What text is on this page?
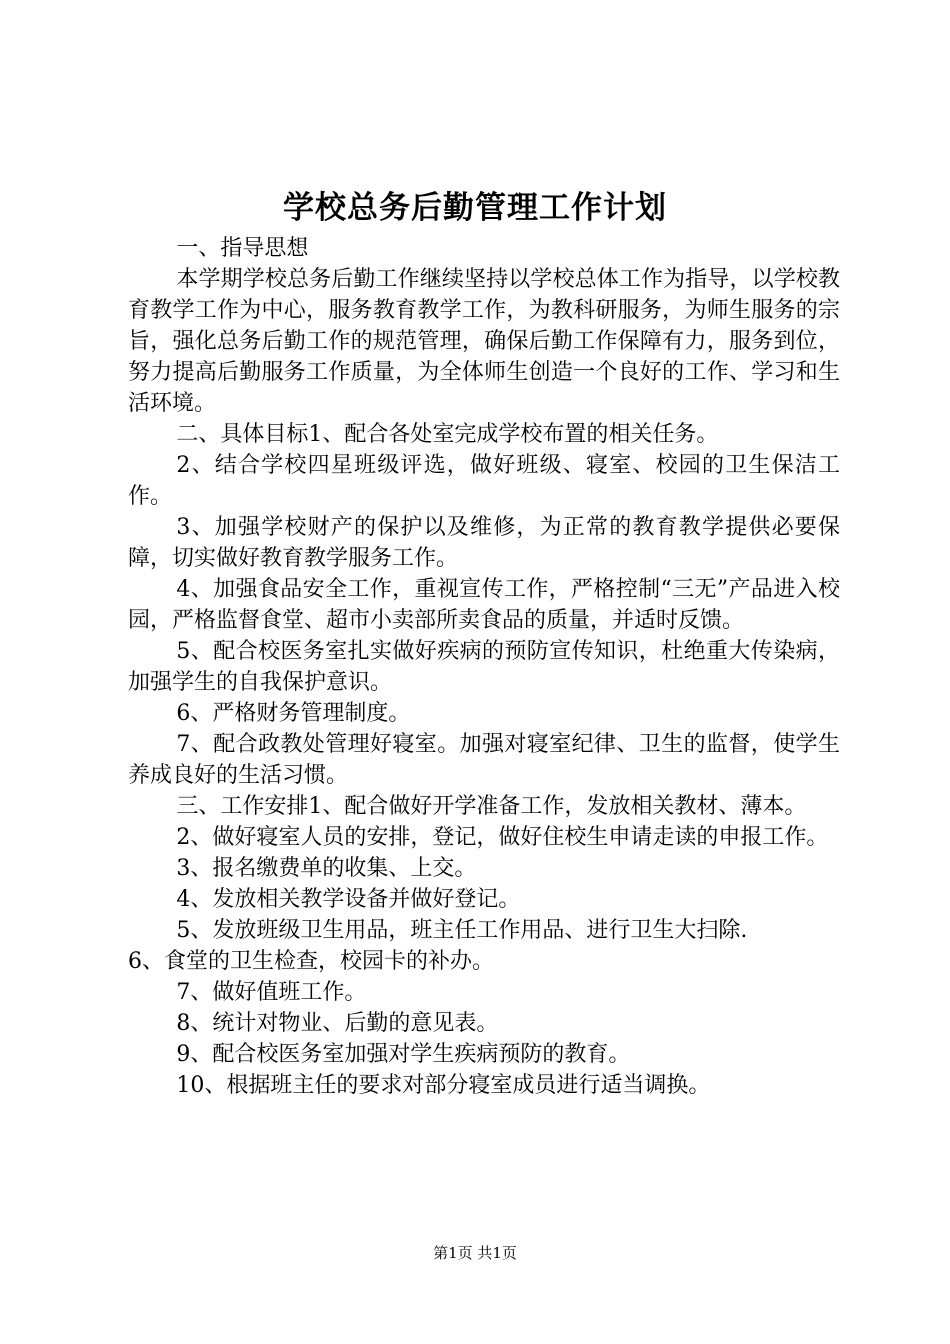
学校总务后勤管理工作计划

一、指导思想

本学期学校总务后勤工作继续坚持以学校总体工作为指导，以学校教育教学工作为中心，服务教育教学工作，为教科研服务，为师生服务的宗旨，强化总务后勤工作的规范管理，确保后勤工作保障有力，服务到位，努力提高后勤服务工作质量，为全体师生创造一个良好的工作、学习和生活环境。

二、具体目标1、配合各处室完成学校布置的相关任务。

2、结合学校四星班级评选，做好班级、寝室、校园的卫生保洁工作。

3、加强学校财产的保护以及维修，为正常的教育教学提供必要保障，切实做好教育教学服务工作。

4、加强食品安全工作，重视宣传工作，严格控制“三无”产品进入校园，严格监督食堂、超市小卖部所卖食品的质量，并适时反馈。

5、配合校医务室扎实做好疾病的预防宣传知识，杜绝重大传染病，加强学生的自我保护意识。

6、严格财务管理制度。

7、配合政教处管理好寝室。加强对寝室纪律、卫生的监督，使学生养成良好的生活习惯。

三、工作安排1、配合做好开学准备工作，发放相关教材、薄本。

2、做好寝室人员的安排，登记，做好住校生申请走读的申报工作。

3、报名缴费单的收集、上交。

4、发放相关教学设备并做好登记。

5、发放班级卫生用品，班主任工作用品、进行卫生大扫除.

6、食堂的卫生检查，校园卡的补办。

7、做好值班工作。

8、统计对物业、后勤的意见表。

9、配合校医务室加强对学生疾病预防的教育。

10、根据班主任的要求对部分寝室成员进行适当调换。

第1页 共1页
